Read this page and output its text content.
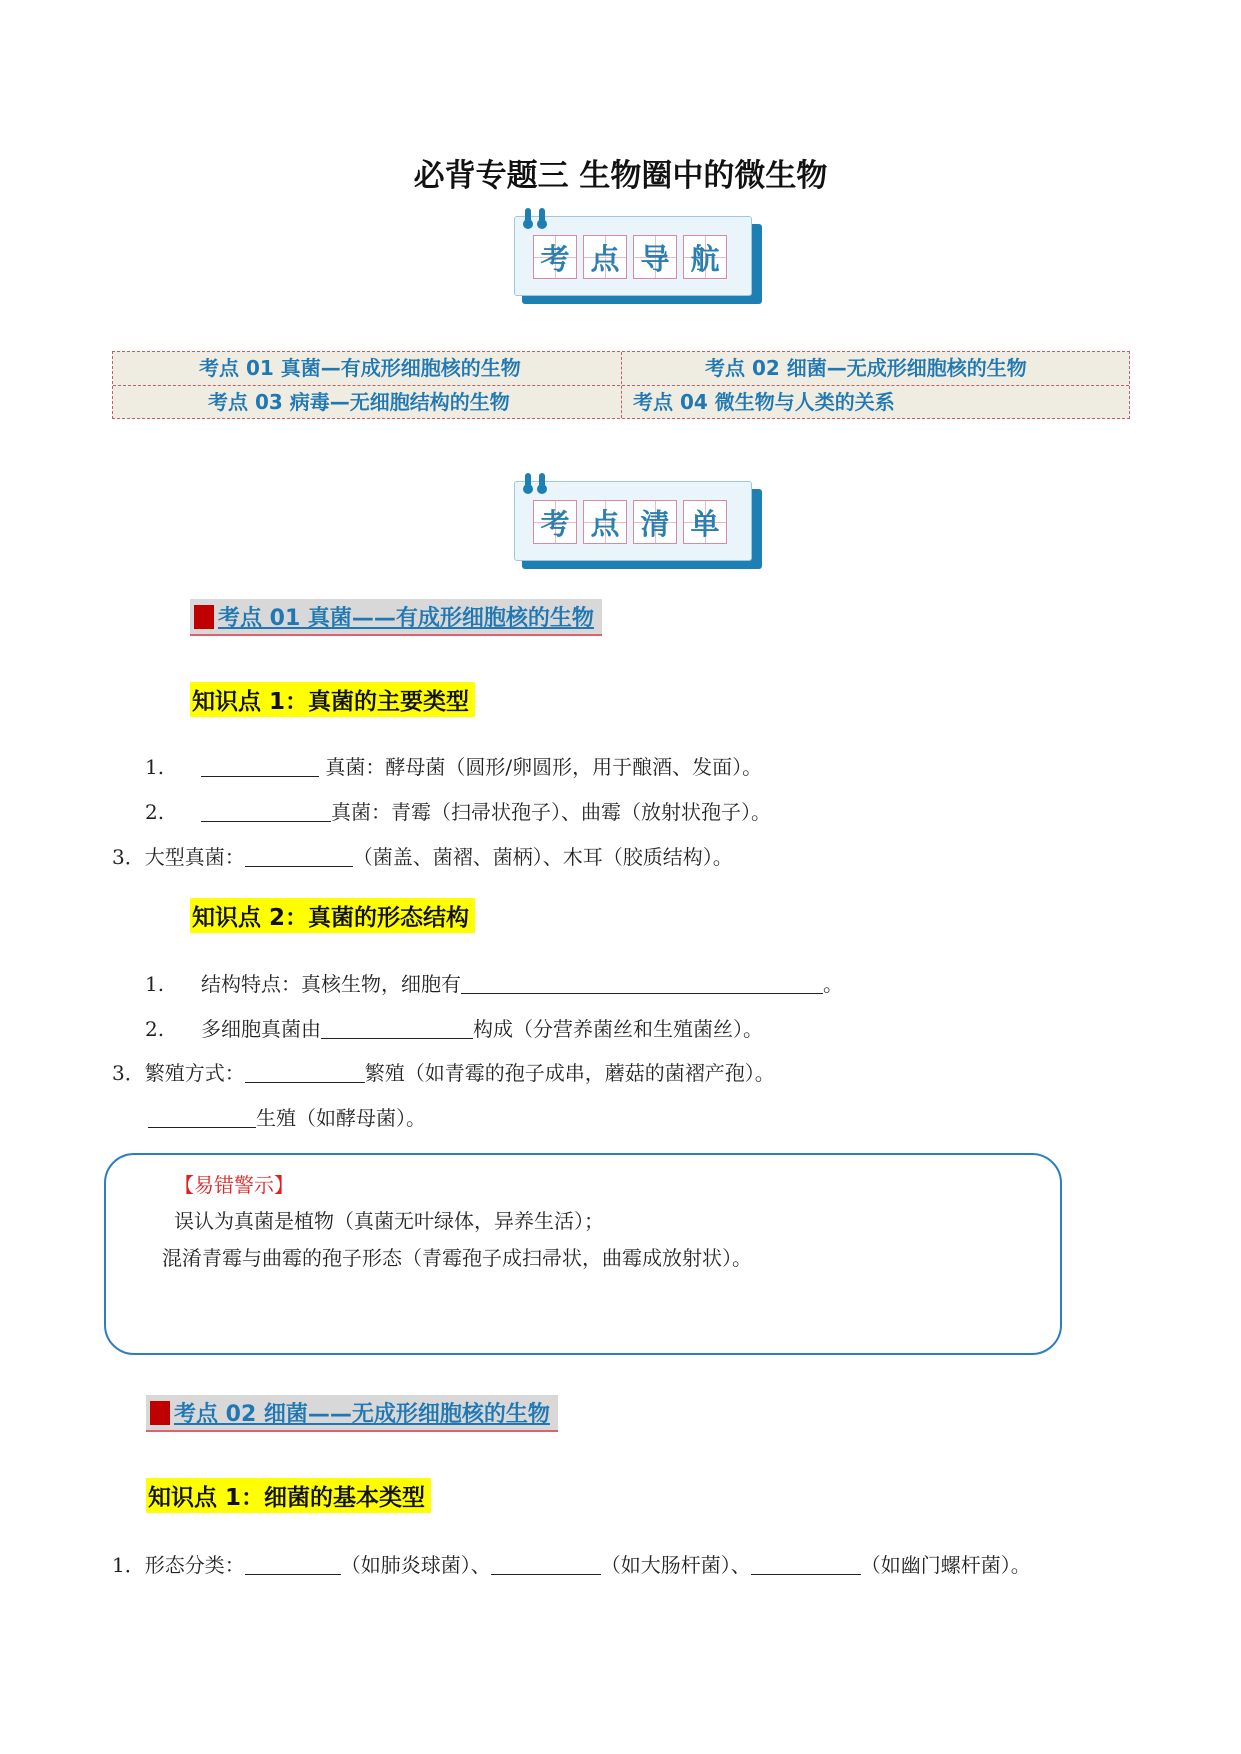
必背专题三 生物圈中的微生物
考 点 导 航
考点 01 真菌—有成形细胞核的生物	考点 02 细菌—无成形细胞核的生物
考点 03 病毒—无细胞结构的生物	考点 04 微生物与人类的关系
考 点 清 单
考点 01 真菌——有成形细胞核的生物
知识点 1：真菌的主要类型
1.	真菌：酵母菌（圆形/卵圆形，用于酿酒、发面）。
2.	真菌：青霉（扫帚状孢子）、曲霉（放射状孢子）。
3．大型真菌：	（菌盖、菌褶、菌柄）、木耳（胶质结构）。
知识点 2：真菌的形态结构
1. 结构特点：真核生物，细胞有	。
2. 多细胞真菌由	构成（分营养菌丝和生殖菌丝）。
3．繁殖方式：	繁殖（如青霉的孢子成串，蘑菇的菌褶产孢）。
生殖（如酵母菌）。
【易错警示】
误认为真菌是植物（真菌无叶绿体，异养生活）；
混淆青霉与曲霉的孢子形态（青霉孢子成扫帚状，曲霉成放射状）。
考点 02 细菌——无成形细胞核的生物
知识点 1：细菌的基本类型
1．形态分类：	（如肺炎球菌）、	（如大肠杆菌）、	（如幽门螺杆菌）。
